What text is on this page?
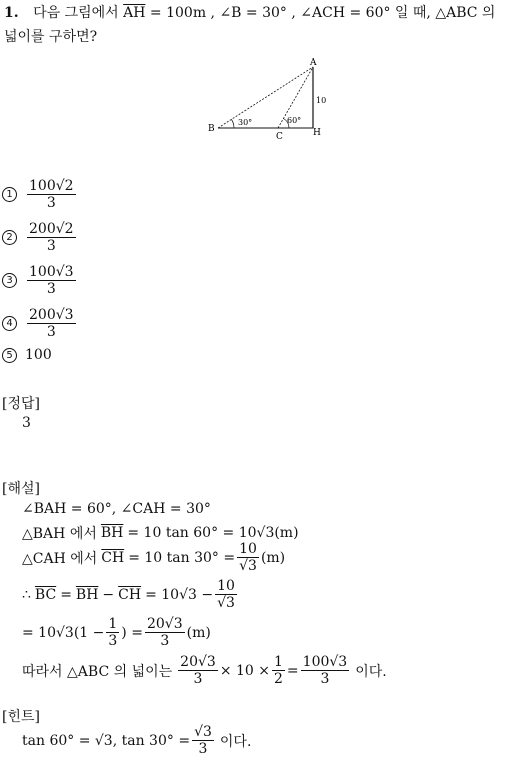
1. 다음 그림에서 $\overline{AH} = 100m$ , ∠B = 30° , ∠ACH = 60° 일 때, △ABC 의
넓이를 구하면?
A
B
C	H
30°	60°
10
1	$\frac{100√2}{3}$
2	$\frac{200√2}{3}$
3	$\frac{100√3}{3}$
4	$\frac{200√3}{3}$
5 100
[정답]
3
[해설]
∠BAH = 60°, ∠CAH = 30°
△BAH 에서 $\overline{BH} = 10$ tan 60° = 10√3(m)
△CAH 에서 $\overline{CH} = 10$ $\tan 30^\circ = \frac{10}{√3} (m)$
∴ $\overline{BC} = \overline{BH} - \overline{CH} = 10√3 - \frac{10}{√3}$
= $10√3(1 - \frac{1}{3}$ ) = $\frac{20√3}{3} (m)$
따라서 △ABC 의 넓이는 $\frac{20√3}{3} \times 10 \times \frac{1}{2} = \frac{100√3}{3}$ 이다.
[힌트]
tan 60° = √3, $\tan 30^\circ = \frac{√3}{3}$ 이다.
